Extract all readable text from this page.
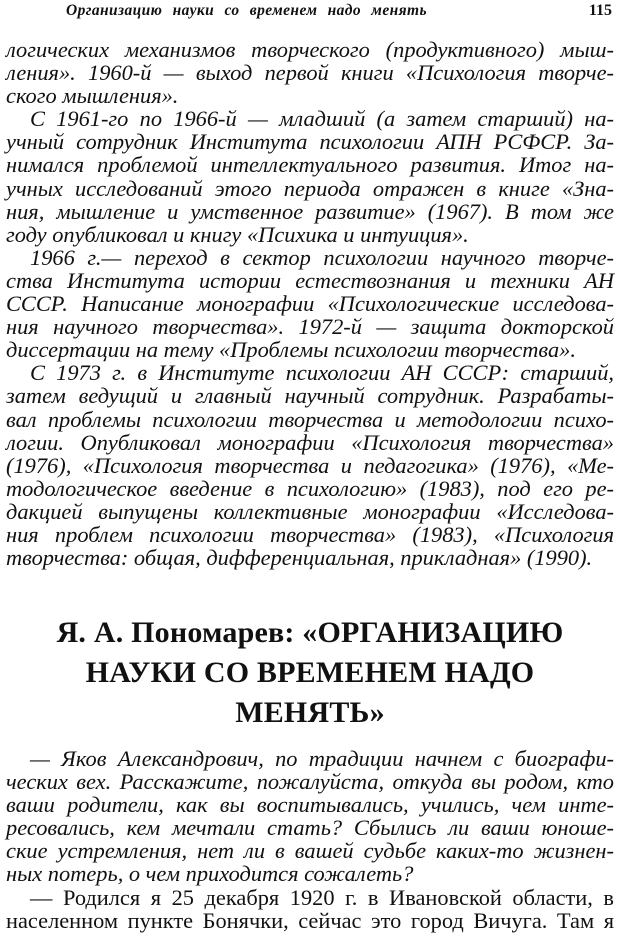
Организацию науки со временем надо менять	115
логических механизмов творческого (продуктивного) мыш-
ления». 1960-й — выход первой книги «Психология творче-
ского мышления».
С 1961-го по 1966-й — младший (а затем старший) на-
учный сотрудник Института психологии АПН РСФСР. За-
нимался проблемой интеллектуального развития. Итог на-
учных исследований этого периода отражен в книге «Зна-
ния, мышление и умственное развитие» (1967). В том же
году опубликовал и книгу «Психика и интуиция».
1966 г.— переход в сектор психологии научного творче-
ства Института истории естествознания и техники АН
СССР. Написание монографии «Психологические исследова-
ния научного творчества». 1972-й — защита докторской
диссертации на тему «Проблемы психологии творчества».
С 1973 г. в Институте психологии АН СССР: старший,
затем ведущий и главный научный сотрудник. Разрабаты-
вал проблемы психологии творчества и методологии психо-
логии. Опубликовал монографии «Психология творчества»
(1976), «Психология творчества и педагогика» (1976), «Ме-
тодологическое введение в психологию» (1983), под его ре-
дакцией выпущены коллективные монографии «Исследова-
ния проблем психологии творчества» (1983), «Психология
творчества: общая, дифференциальная, прикладная» (1990).
Я. А. Пономарев: «ОРГАНИЗАЦИЮ
НАУКИ СО ВРЕМЕНЕМ НАДО
МЕНЯТЬ»
— Яков Александрович, по традиции начнем с биографи-
ческих вех. Расскажите, пожалуйста, откуда вы родом, кто
ваши родители, как вы воспитывались, учились, чем инте-
ресовались, кем мечтали стать? Сбылись ли ваши юноше-
ские устремления, нет ли в вашей судьбе каких-то жизнен-
ных потерь, о чем приходится сожалеть?
— Родился я 25 декабря 1920 г. в Ивановской области, в
населенном пункте Бонячки, сейчас это город Вичуга. Там я
